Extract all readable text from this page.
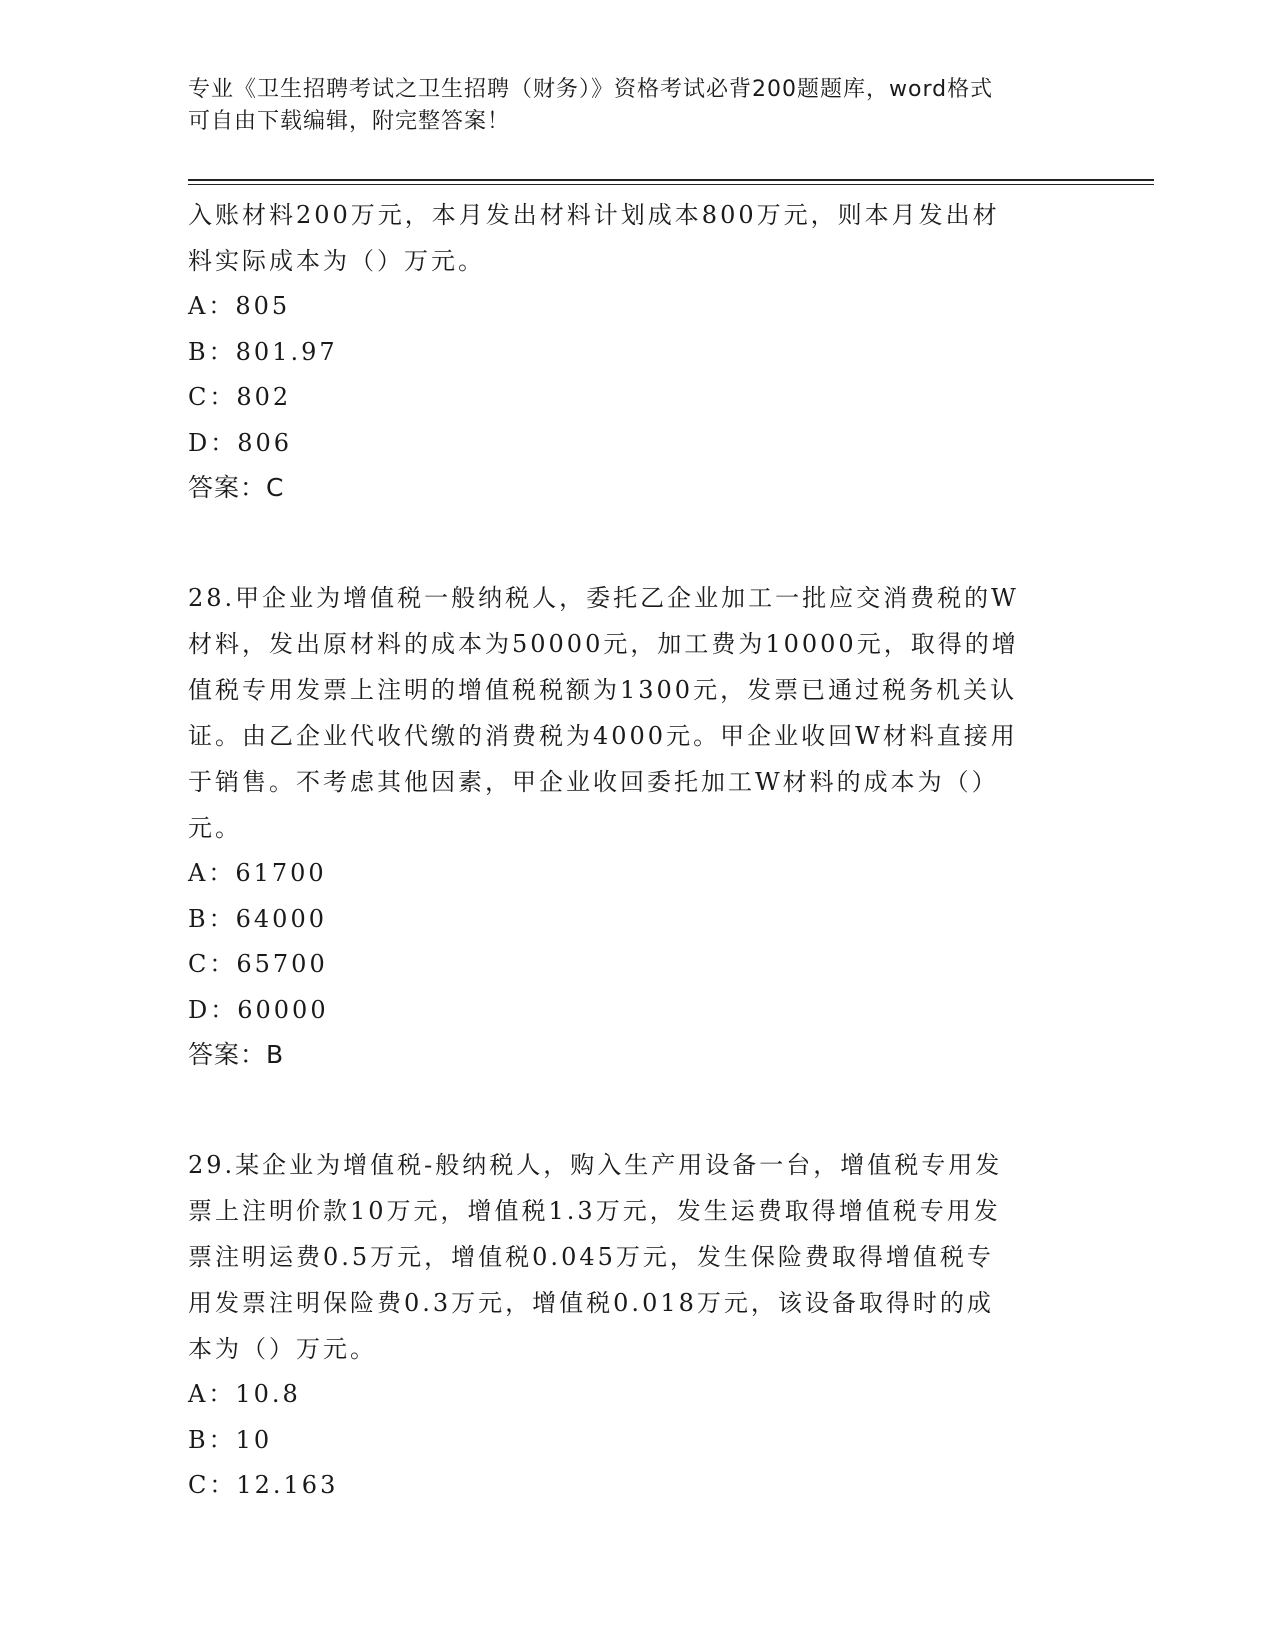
专业《卫生招聘考试之卫生招聘（财务）》资格考试必背200题题库，word格式
可自由下载编辑，附完整答案！
入账材料200万元，本月发出材料计划成本800万元，则本月发出材
料实际成本为（）万元。
A：805
B：801.97
C：802
D：806
答案：C
28.甲企业为增值税一般纳税人，委托乙企业加工一批应交消费税的W
材料，发出原材料的成本为50000元，加工费为10000元，取得的增
值税专用发票上注明的增值税税额为1300元，发票已通过税务机关认
证。由乙企业代收代缴的消费税为4000元。甲企业收回W材料直接用
于销售。不考虑其他因素，甲企业收回委托加工W材料的成本为（）
元。
A：61700
B：64000
C：65700
D：60000
答案：B
29.某企业为增值税-般纳税人，购入生产用设备一台，增值税专用发
票上注明价款10万元，增值税1.3万元，发生运费取得增值税专用发
票注明运费0.5万元，增值税0.045万元，发生保险费取得增值税专
用发票注明保险费0.3万元，增值税0.018万元，该设备取得时的成
本为（）万元。
A：10.8
B：10
C：12.163
